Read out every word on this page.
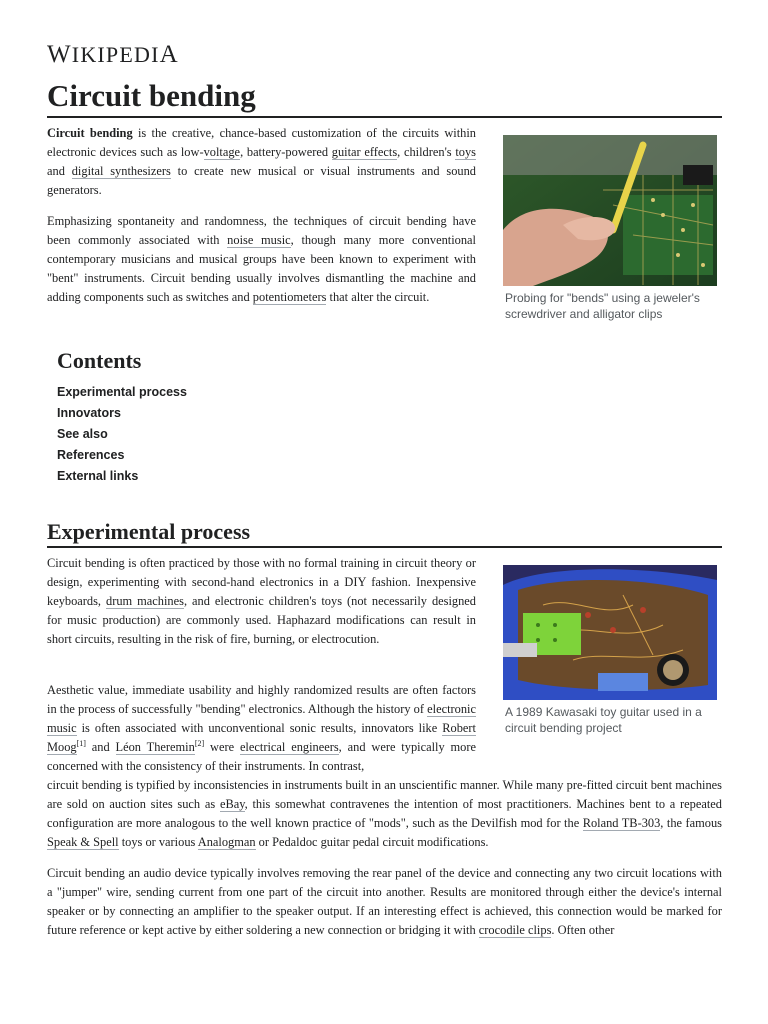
WIKIPEDIA
Circuit bending

Circuit bending is the creative, chance-based customization of the circuits within electronic devices such as low-voltage, battery-powered guitar effects, children's toys and digital synthesizers to create new musical or visual instruments and sound generators.

Emphasizing spontaneity and randomness, the techniques of circuit bending have been commonly associated with noise music, though many more conventional contemporary musicians and musical groups have been known to experiment with "bent" instruments. Circuit bending usually involves dismantling the machine and adding components such as switches and potentiometers that alter the circuit.	Probing for "bends" using a jeweler's screwdriver and alligator clips
Contents
Experimental process
Innovators
See also
References
External links
Experimental process

Circuit bending is often practiced by those with no formal training in circuit theory or design, experimenting with second-hand electronics in a DIY fashion. Inexpensive keyboards, drum machines, and electronic children's toys (not necessarily designed for music production) are commonly used. Haphazard modifications can result in short circuits, resulting in the risk of fire, burning, or electrocution.

Aesthetic value, immediate usability and highly randomized results are often factors in the process of successfully "bending" electronics. Although the history of electronic music is often associated with unconventional sonic results, innovators like Robert Moog[1] and Léon Theremin[2] were electrical engineers, and were typically more concerned with the consistency of their instruments. In contrast,

circuit bending is typified by inconsistencies in instruments built in an unscientific manner. While many pre-fitted circuit bent machines are sold on auction sites such as eBay, this somewhat contravenes the intention of most practitioners. Machines bent to a repeated configuration are more analogous to the well known practice of "mods", such as the Devilfish mod for the Roland TB-303, the famous Speak & Spell toys or various Analogman or Pedaldoc guitar pedal circuit modifications.

Circuit bending an audio device typically involves removing the rear panel of the device and connecting any two circuit locations with a "jumper" wire, sending current from one part of the circuit into another. Results are monitored through either the device's internal speaker or by connecting an amplifier to the speaker output. If an interesting effect is achieved, this connection would be marked for future reference or kept active by either soldering a new connection or bridging it with crocodile clips. Often other

A 1989 Kawasaki toy guitar used in a circuit bending project
